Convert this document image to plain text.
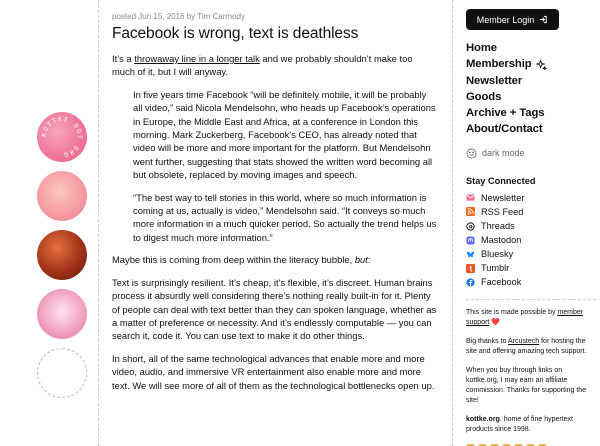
KOTTKE DOT ORG
posted Jun 15, 2016 by Tim Carmody
Facebook is wrong, text is deathless

It’s a throwaway line in a longer talk and we probably shouldn’t make too much of it, but I will anyway.

In five years time Facebook “will be definitely mobile, it will be probably all video,” said Nicola Mendelsohn, who heads up Facebook’s operations in Europe, the Middle East and Africa, at a conference in London this morning. Mark Zuckerberg, Facebook’s CEO, has already noted that video will be more and more important for the platform. But Mendelsohn went further, suggesting that stats showed the written word becoming all but obsolete, replaced by moving images and speech.

“The best way to tell stories in this world, where so much information is coming at us, actually is video,” Mendelsohn said. “It conveys so much more information in a much quicker period. So actually the trend helps us to digest much more information.”

Maybe this is coming from deep within the literacy bubble, but:

Text is surprisingly resilient. It’s cheap, it’s flexible, it’s discreet. Human brains process it absurdly well considering there’s nothing really built-in for it. Plenty of people can deal with text better than they can spoken language, whether as a matter of preference or necessity. And it’s endlessly computable — you can search it, code it. You can use text to make it do other things.

In short, all of the same technological advances that enable more and more video, audio, and immersive VR entertainment also enable more and more text. We will see more of all of them as the technological bottlenecks open up.

Member Login
Home
Membership
Newsletter
Goods
Archive + Tags
About/Contact
dark mode
Stay Connected
Newsletter
RSS Feed
Threads
Mastodon
Bluesky
Tumblr
Facebook

This site is made possible by member support ❤️

Big thanks to Arcustech for hosting the site and offering amazing tech support.

When you buy through links on kottke.org, I may earn an affiliate commission. Thanks for supporting the site!

kottke.org. home of fine hypertext products since 1998.
